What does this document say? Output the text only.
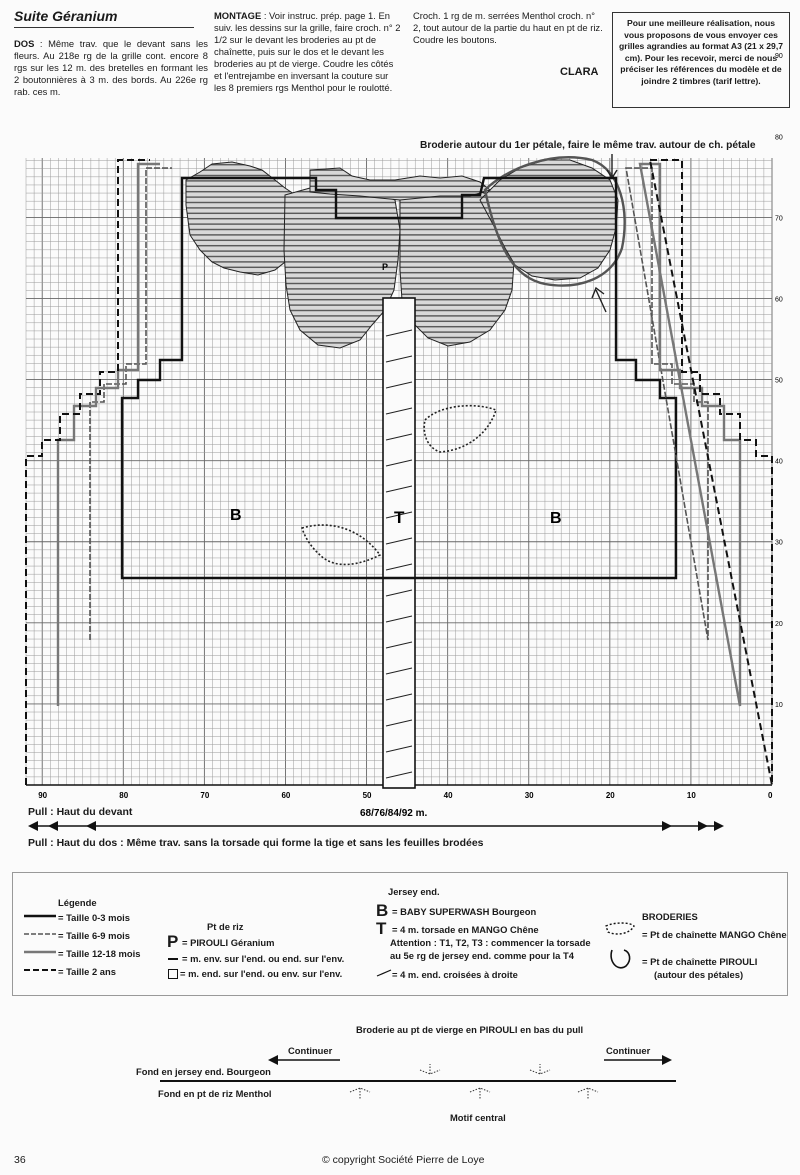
Suite Géranium
DOS : Même trav. que le devant sans les fleurs. Au 218e rg de la grille cont. encore 8 rgs sur les 12 m. des bretelles en formant les 2 boutonnières à 3 m. des bords. Au 226e rg rab. ces m.
MONTAGE : Voir instruc. prép. page 1. En suiv. les dessins sur la grille, faire croch. n° 2 1/2 sur le devant les broderies au pt de chaînette, puis sur le dos et le devant les broderies au pt de vierge. Coudre les côtés et l'entrejambe en inversant la couture sur les 8 premiers rgs Menthol pour le roulotté.
Croch. 1 rg de m. serrées Menthol croch. n° 2, tout autour de la partie du haut en pt de riz. Coudre les boutons.
CLARA
Pour une meilleure réalisation, nous vous proposons de vous envoyer ces grilles agrandies au format A3 (21 x 29,7 cm). Pour les recevoir, merci de nous préciser les références du modèle et de joindre 2 timbres (tarif lettre).
Broderie autour du 1er pétale, faire le même trav. autour de ch. pétale
B	T	B
P
90	80	70	60	50	40	30	20	10	0
90
80
70
60
50
40
30
20
10
68/76/84/92 m.
Pull : Haut du devant
Pull : Haut du dos : Même trav. sans la torsade qui forme la tige et sans les feuilles brodées
Légende
= Taille 0-3 mois
= Taille 6-9 mois
= Taille 12-18 mois
= Taille 2 ans
Pt de riz
P = PIROULI Géranium
= m. env. sur l'end. ou end. sur l'env.
= m. end. sur l'end. ou env. sur l'env.
Jersey end.
B = BABY SUPERWASH Bourgeon
T = 4 m. torsade en MANGO Chêne
Attention : T1, T2, T3 : commencer la torsade
au 5e rg de jersey end. comme pour la T4
= 4 m. end. croisées à droite
BRODERIES
= Pt de chaînette MANGO Chêne
= Pt de chaînette PIROULI
(autour des pétales)
Broderie au pt de vierge en PIROULI en bas du pull
Continuer	Continuer
Fond en jersey end. Bourgeon
Fond en pt de riz Menthol
Motif central
36	© copyright Société Pierre de Loye
